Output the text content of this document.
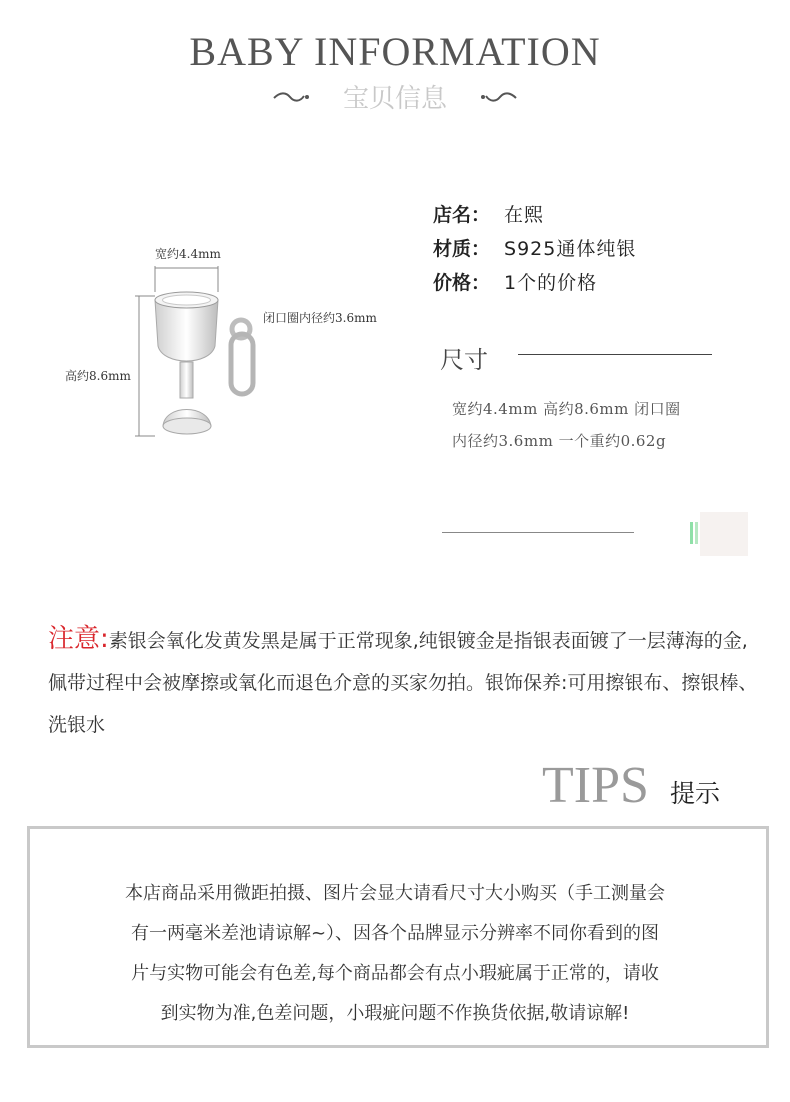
BABY INFORMATION
宝贝信息
宽约4.4mm
高约8.6mm
闭口圈内径约3.6mm
店名： 在熙
材质： S925通体纯银
价格： 1个的价格
尺寸
宽约4.4mm 高约8.6mm 闭口圈
内径约3.6mm 一个重约0.62g
注意:素银会氧化发黄发黑是属于正常现象,纯银镀金是指银表面镀了一层薄海的金,佩带过程中会被摩擦或氧化而退色介意的买家勿拍。银饰保养:可用擦银布、擦银棒、洗银水
TIPS 提示
本店商品采用微距拍摄、图片会显大请看尺寸大小购买（手工测量会
有一两毫米差池请谅解~）、因各个品牌显示分辨率不同你看到的图
片与实物可能会有色差,每个商品都会有点小瑕疵属于正常的，请收
到实物为准,色差问题，小瑕疵问题不作换货依据,敬请谅解!
